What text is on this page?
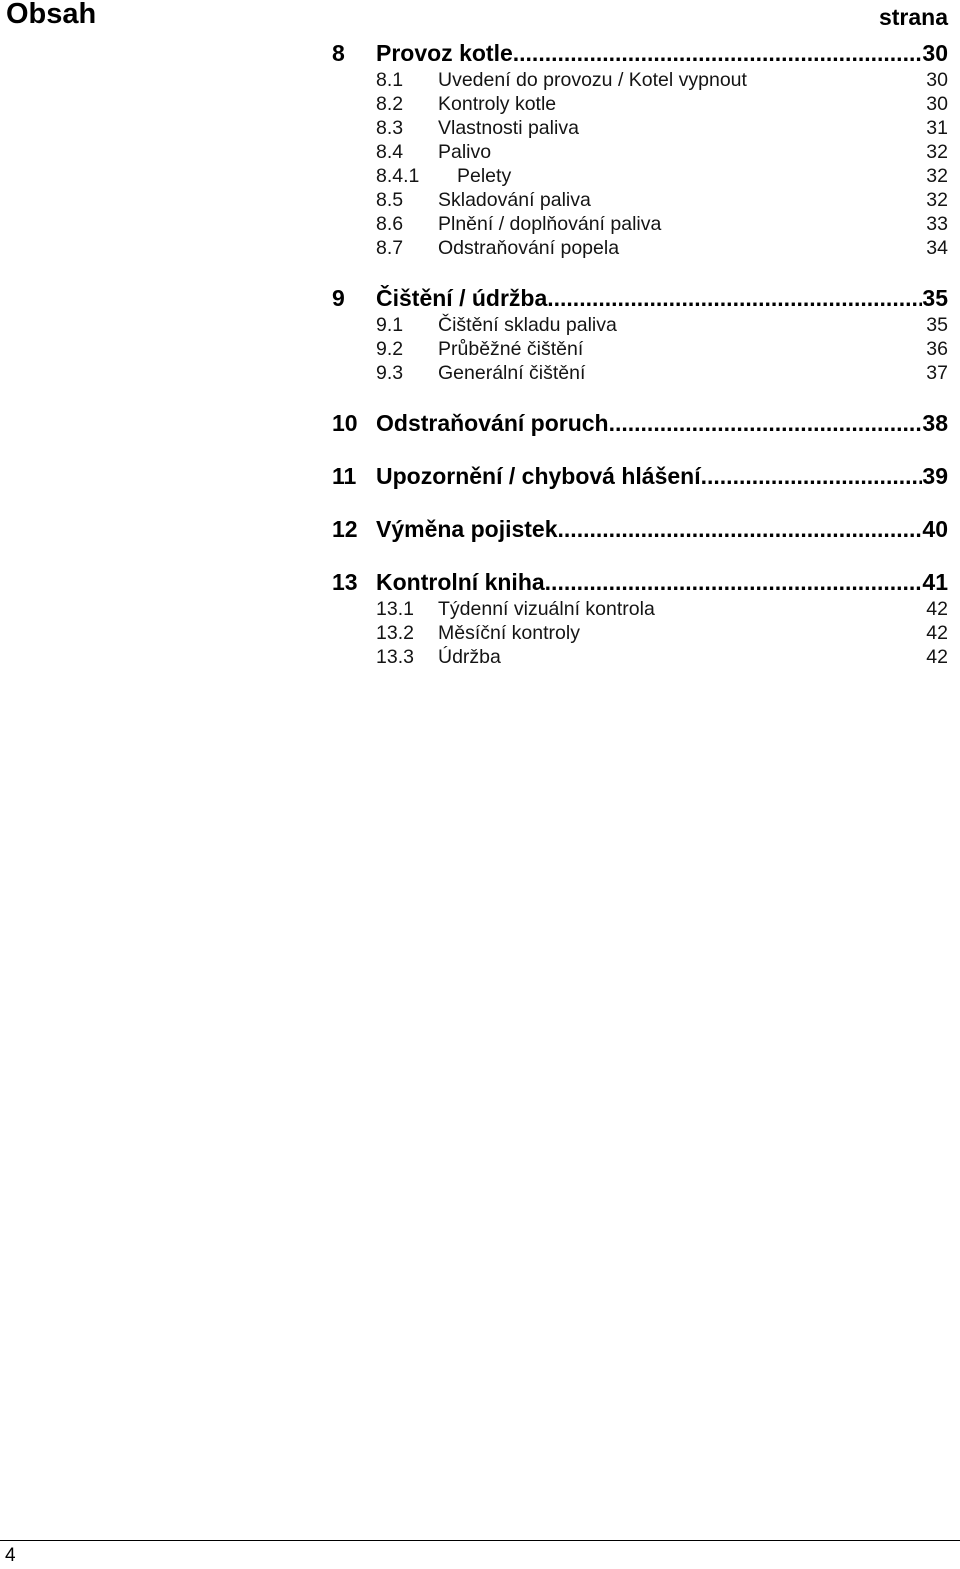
Obsah	strana
8	Provoz kotle .....	30
8.1	Uvedení do provozu / Kotel vypnout	30
8.2	Kontroly kotle	30
8.3	Vlastnosti paliva	31
8.4	Palivo	32
8.4.1	Pelety	32
8.5	Skladování paliva	32
8.6	Plnění / doplňování paliva	33
8.7	Odstraňování popela	34
9	Čištění / údržba .....	35
9.1	Čištění skladu paliva	35
9.2	Průběžné čištění	36
9.3	Generální čištění	37
10 Odstraňování poruch .....	38
11 Upozornění / chybová hlášení .....	39
12 Výměna pojistek .....	40
13 Kontrolní kniha .....	41
13.1	Týdenní vizuální kontrola	42
13.2	Měsíční kontroly	42
13.3	Údržba	42
4
